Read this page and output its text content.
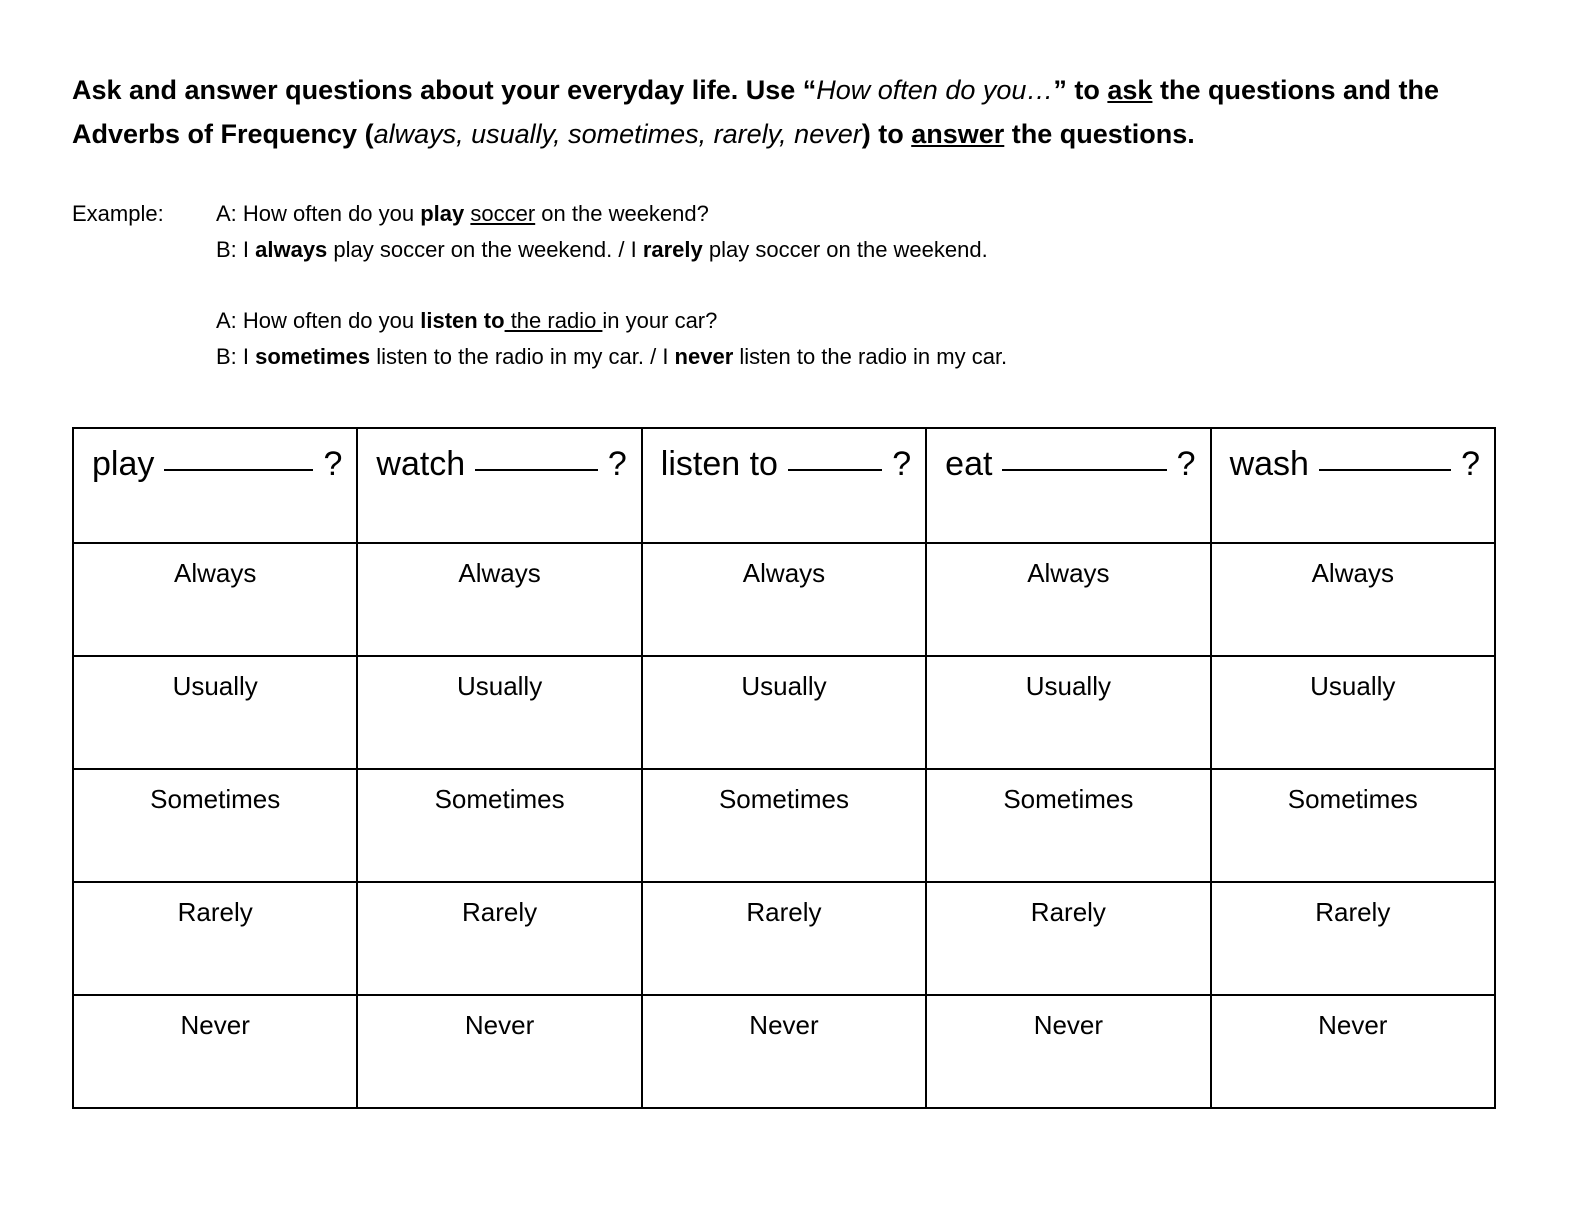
Ask and answer questions about your everyday life. Use “How often do you…” to ask the questions and the Adverbs of Frequency (always, usually, sometimes, rarely, never) to answer the questions.
Example: A: How often do you play soccer on the weekend?
B: I always play soccer on the weekend. / I rarely play soccer on the weekend.
A: How often do you listen to the radio in your car?
B: I sometimes listen to the radio in my car. / I never listen to the radio in my car.
play ?	watch ?	listen to ?	eat ?	wash ?

Always	Always	Always	Always	Always
Usually	Usually	Usually	Usually	Usually
Sometimes	Sometimes	Sometimes	Sometimes	Sometimes
Rarely	Rarely	Rarely	Rarely	Rarely
Never	Never	Never	Never	Never
